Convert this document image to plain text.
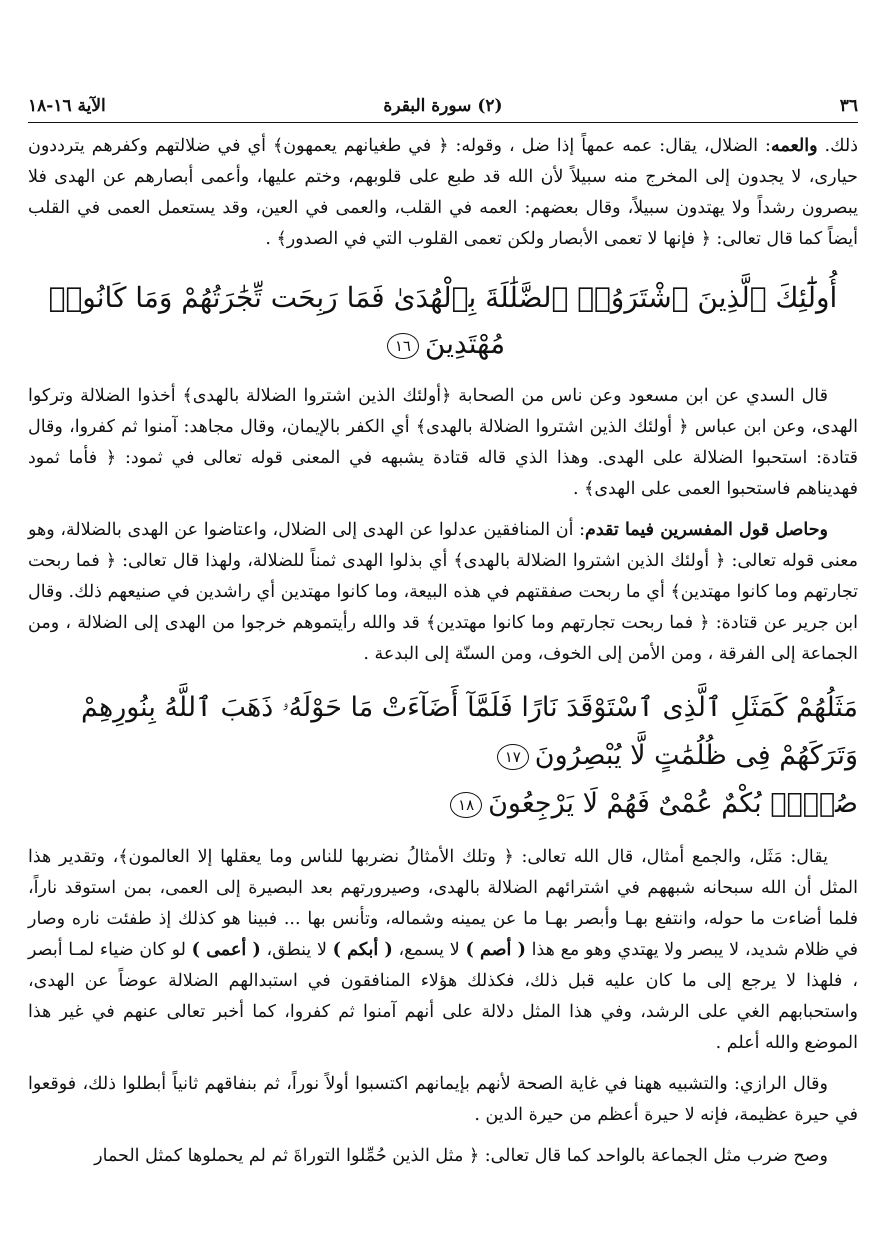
٣٦
(٢) سورة البقرة
الآية ١٦-١٨

ذلك. والعمه: الضلال، يقال: عمه عمهاً إذا ضل ، وقوله: ﴿ في طغيانهم يعمهون﴾ أي في ضلالتهم وكفرهم يترددون حيارى، لا يجدون إلى المخرج منه سبيلاً لأن الله قد طبع على قلوبهم، وختم عليها، وأعمى أبصارهم عن الهدى فلا يبصرون رشداً ولا يهتدون سبيلاً، وقال بعضهم: العمه في القلب، والعمى في العين، وقد يستعمل العمى في القلب أيضاً كما قال تعالى: ﴿ فإنها لا تعمى الأبصار ولكن تعمى القلوب التي في الصدور﴾ .

أُولَٰٓئِكَ ٱلَّذِينَ ٱشْتَرَوُا۟ ٱلضَّلَٰلَةَ بِٱلْهُدَىٰ فَمَا رَبِحَت تِّجَٰرَتُهُمْ وَمَا كَانُوا۟ مُهْتَدِينَ١٦

قال السدي عن ابن مسعود وعن ناس من الصحابة ﴿أولئك الذين اشتروا الضلالة بالهدى﴾ أخذوا الضلالة وتركوا الهدى، وعن ابن عباس ﴿ أولئك الذين اشتروا الضلالة بالهدى﴾ أي الكفر بالإيمان، وقال مجاهد: آمنوا ثم كفروا، وقال قتادة: استحبوا الضلالة على الهدى. وهذا الذي قاله قتادة يشبهه في المعنى قوله تعالى في ثمود: ﴿ فأما ثمود فهديناهم فاستحبوا العمى على الهدى﴾ .

وحاصل قول المفسرين فيما تقدم: أن المنافقين عدلوا عن الهدى إلى الضلال، واعتاضوا عن الهدى بالضلالة، وهو معنى قوله تعالى: ﴿ أولئك الذين اشتروا الضلالة بالهدى﴾ أي بذلوا الهدى ثمناً للضلالة، ولهذا قال تعالى: ﴿ فما ربحت تجارتهم وما كانوا مهتدين﴾ أي ما ربحت صفقتهم في هذه البيعة، وما كانوا مهتدين أي راشدين في صنيعهم ذلك. وقال ابن جرير عن قتادة: ﴿ فما ربحت تجارتهم وما كانوا مهتدين﴾ قد والله رأيتموهم خرجوا من الهدى إلى الضلالة ، ومن الجماعة إلى الفرقة ، ومن الأمن إلى الخوف، ومن السنّة إلى البدعة .

مَثَلُهُمْ كَمَثَلِ ٱلَّذِى ٱسْتَوْقَدَ نَارًا فَلَمَّآ أَضَآءَتْ مَا حَوْلَهُۥ ذَهَبَ ٱللَّهُ بِنُورِهِمْ وَتَرَكَهُمْ فِى ظُلُمَٰتٍ لَّا يُبْصِرُونَ١٧

صُمٌّۢ بُكْمٌ عُمْىٌ فَهُمْ لَا يَرْجِعُونَ١٨

يقال: مَثَل، والجمع أمثال، قال الله تعالى: ﴿ وتلك الأمثالُ نضربها للناس وما يعقلها إلا العالمون﴾، وتقدير هذا المثل أن الله سبحانه شبههم في اشترائهم الضلالة بالهدى، وصيرورتهم بعد البصيرة إلى العمى، بمن استوقد ناراً، فلما أضاءت ما حوله، وانتفع بهـا وأبصر بهـا ما عن يمينه وشماله، وتأنس بها ... فبينا هو كذلك إذ طفئت ناره وصار في ظلام شديد، لا يبصر ولا يهتدي وهو مع هذا ( أصم ) لا يسمع، ( أبكم ) لا ينطق، ( أعمى ) لو كان ضياء لمـا أبصر ، فلهذا لا يرجع إلى ما كان عليه قبل ذلك، فكذلك هؤلاء المنافقون في استبدالهم الضلالة عوضاً عن الهدى، واستحبابهم الغي على الرشد، وفي هذا المثل دلالة على أنهم آمنوا ثم كفروا، كما أخبر تعالى عنهم في غير هذا الموضع والله أعلم .

وقال الرازي: والتشبيه ههنا في غاية الصحة لأنهم بإيمانهم اكتسبوا أولاً نوراً، ثم بنفاقهم ثانياً أبطلوا ذلك، فوقعوا في حيرة عظيمة، فإنه لا حيرة أعظم من حيرة الدين .

وصح ضرب مثل الجماعة بالواحد كما قال تعالى: ﴿ مثل الذين حُمِّلوا التوراةَ ثم لم يحملوها كمثل الحمار
